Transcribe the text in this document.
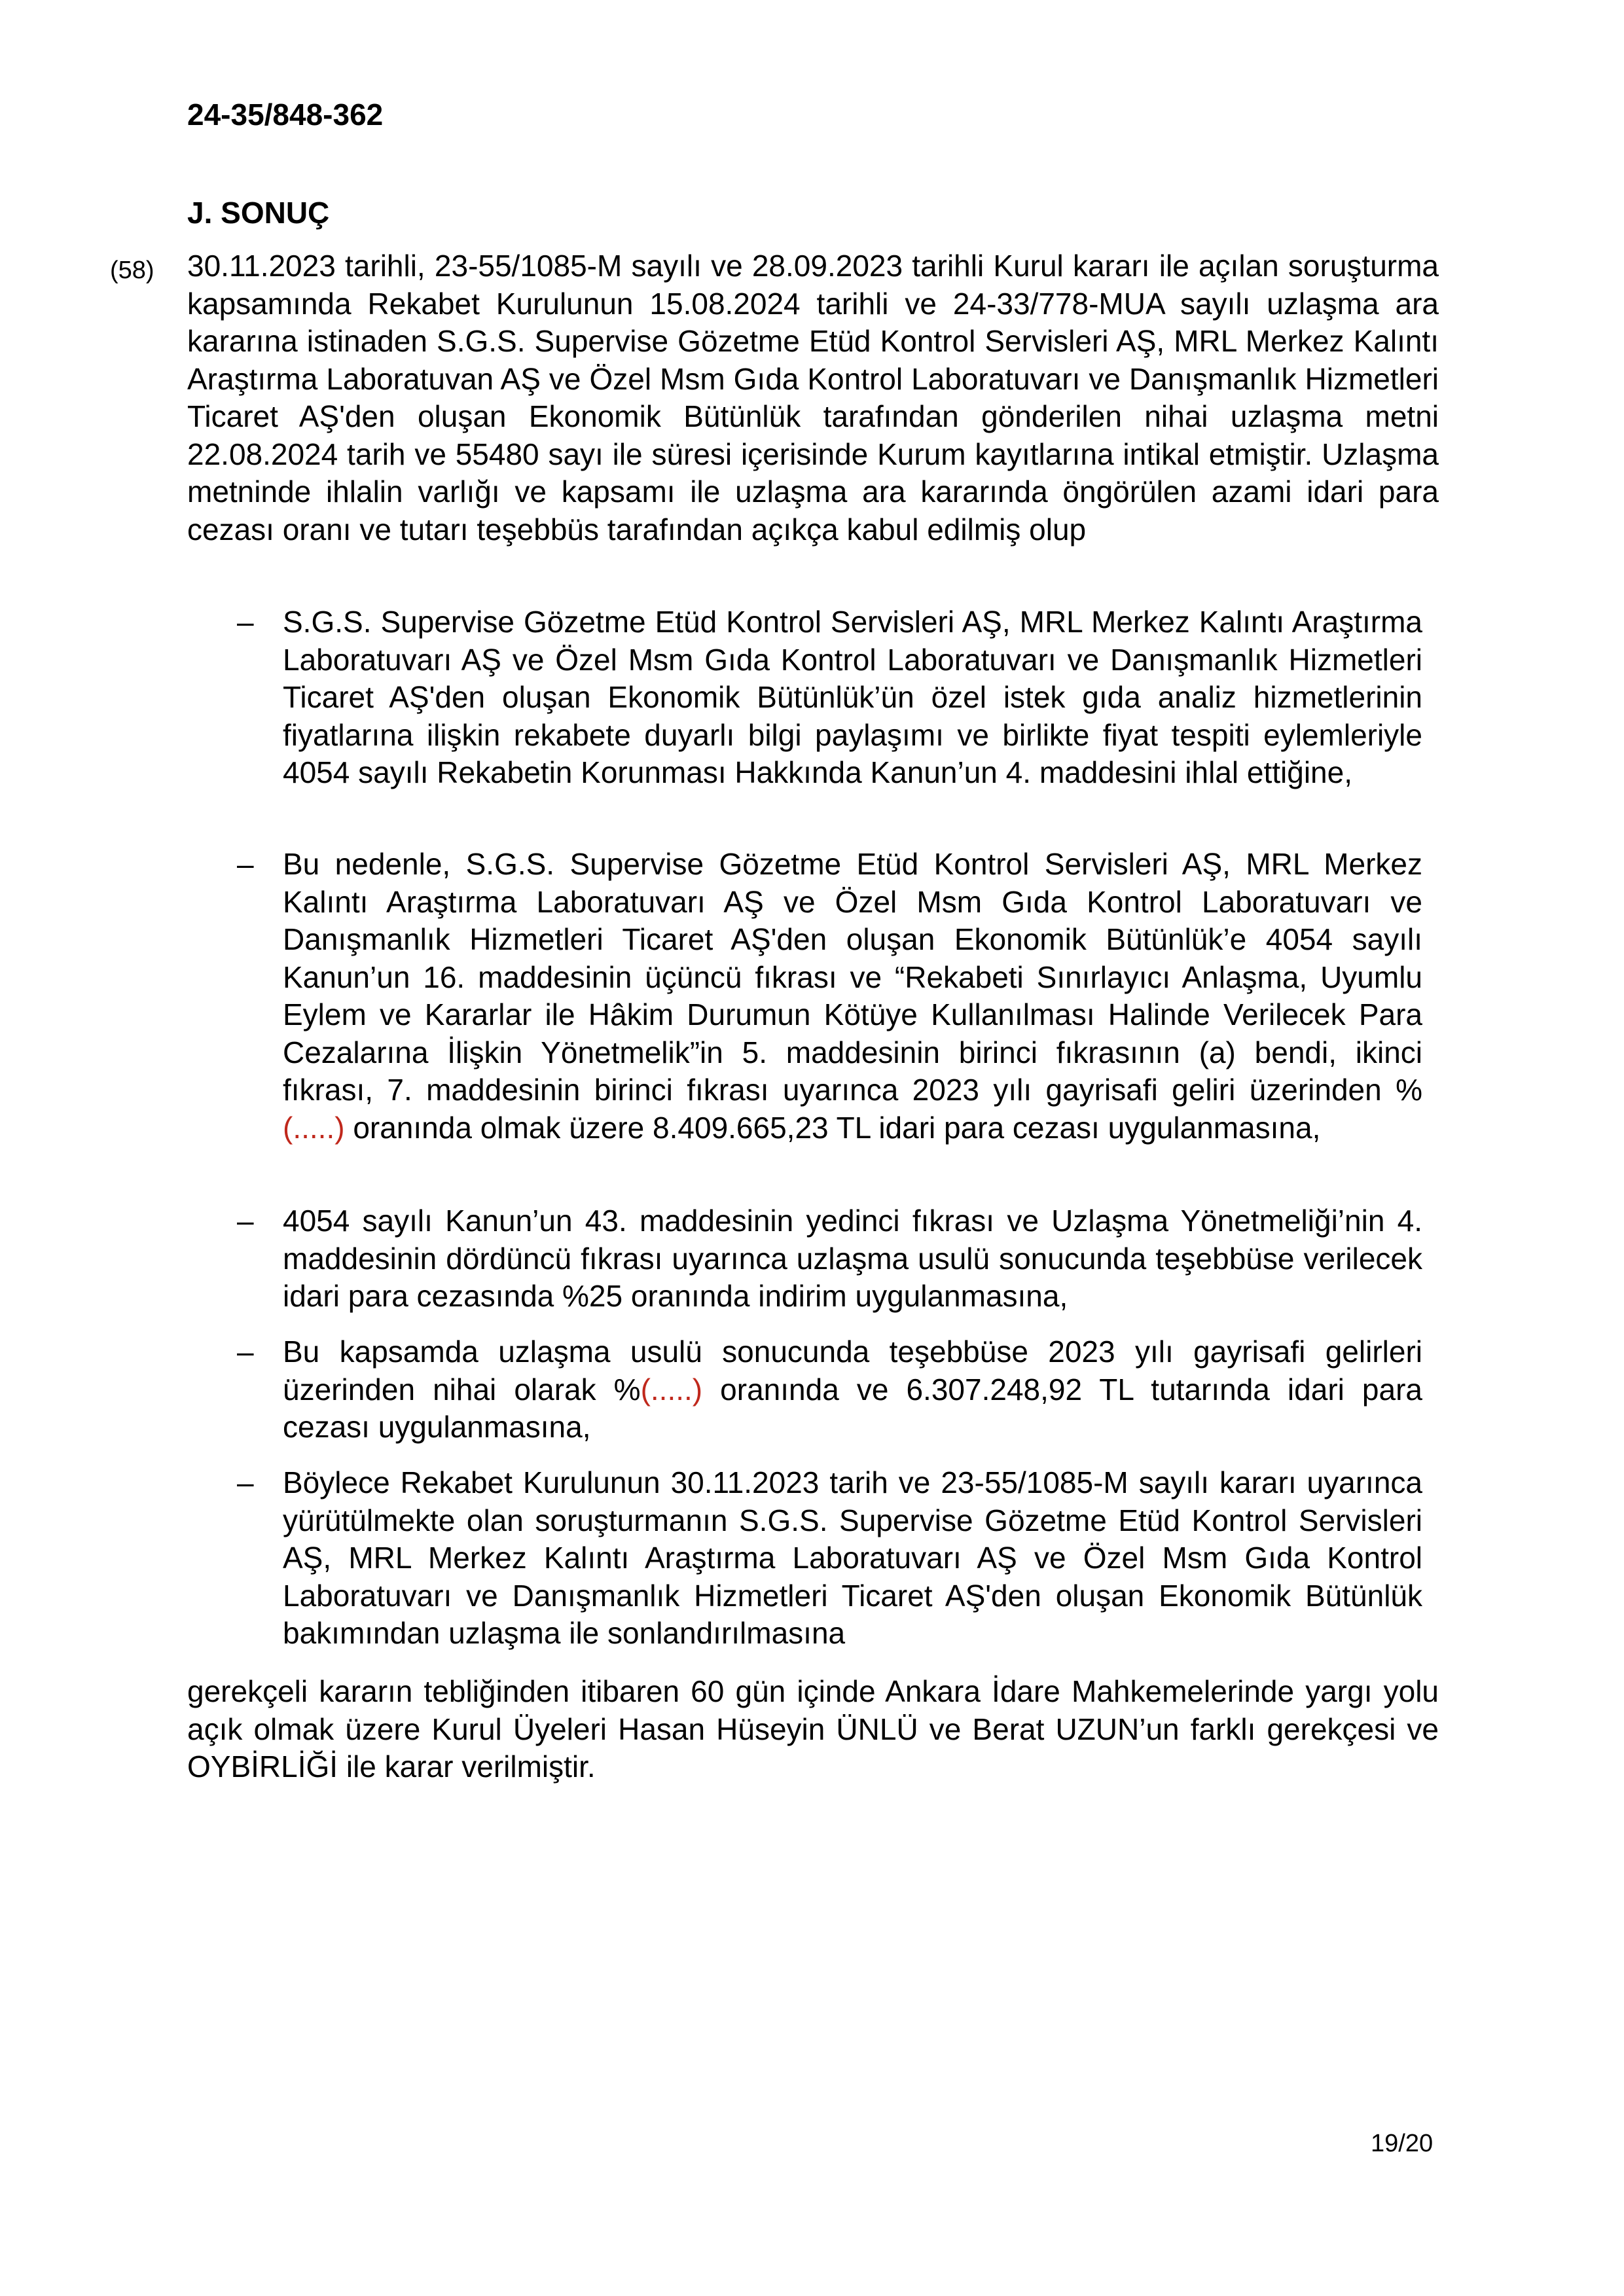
24-35/848-362
J. SONUÇ
(58) 30.11.2023 tarihli, 23-55/1085-M sayılı ve 28.09.2023 tarihli Kurul kararı ile açılan soruşturma kapsamında Rekabet Kurulunun 15.08.2024 tarihli ve 24-33/778-MUA sayılı uzlaşma ara kararına istinaden S.G.S. Supervise Gözetme Etüd Kontrol Servisleri AŞ, MRL Merkez Kalıntı Araştırma Laboratuvan AŞ ve Özel Msm Gıda Kontrol Laboratuvarı ve Danışmanlık Hizmetleri Ticaret AŞ'den oluşan Ekonomik Bütünlük tarafından gönderilen nihai uzlaşma metni 22.08.2024 tarih ve 55480 sayı ile süresi içerisinde Kurum kayıtlarına intikal etmiştir. Uzlaşma metninde ihlalin varlığı ve kapsamı ile uzlaşma ara kararında öngörülen azami idari para cezası oranı ve tutarı teşebbüs tarafından açıkça kabul edilmiş olup

– S.G.S. Supervise Gözetme Etüd Kontrol Servisleri AŞ, MRL Merkez Kalıntı Araştırma Laboratuvarı AŞ ve Özel Msm Gıda Kontrol Laboratuvarı ve Danışmanlık Hizmetleri Ticaret AŞ'den oluşan Ekonomik Bütünlük’ün özel istek gıda analiz hizmetlerinin fiyatlarına ilişkin rekabete duyarlı bilgi paylaşımı ve birlikte fiyat tespiti eylemleriyle 4054 sayılı Rekabetin Korunması Hakkında Kanun’un 4. maddesini ihlal ettiğine,
– Bu nedenle, S.G.S. Supervise Gözetme Etüd Kontrol Servisleri AŞ, MRL Merkez Kalıntı Araştırma Laboratuvarı AŞ ve Özel Msm Gıda Kontrol Laboratuvarı ve Danışmanlık Hizmetleri Ticaret AŞ'den oluşan Ekonomik Bütünlük’e 4054 sayılı Kanun’un 16. maddesinin üçüncü fıkrası ve “Rekabeti Sınırlayıcı Anlaşma, Uyumlu Eylem ve Kararlar ile Hâkim Durumun Kötüye Kullanılması Halinde Verilecek Para Cezalarına İlişkin Yönetmelik”in 5. maddesinin birinci fıkrasının (a) bendi, ikinci fıkrası, 7. maddesinin birinci fıkrası uyarınca 2023 yılı gayrisafi geliri üzerinden %(.....) oranında olmak üzere 8.409.665,23 TL idari para cezası uygulanmasına,
– 4054 sayılı Kanun’un 43. maddesinin yedinci fıkrası ve Uzlaşma Yönetmeliği’nin 4. maddesinin dördüncü fıkrası uyarınca uzlaşma usulü sonucunda teşebbüse verilecek idari para cezasında %25 oranında indirim uygulanmasına,
– Bu kapsamda uzlaşma usulü sonucunda teşebbüse 2023 yılı gayrisafi gelirleri üzerinden nihai olarak %(.....) oranında ve 6.307.248,92 TL tutarında idari para cezası uygulanmasına,
– Böylece Rekabet Kurulunun 30.11.2023 tarih ve 23-55/1085-M sayılı kararı uyarınca yürütülmekte olan soruşturmanın S.G.S. Supervise Gözetme Etüd Kontrol Servisleri AŞ, MRL Merkez Kalıntı Araştırma Laboratuvarı AŞ ve Özel Msm Gıda Kontrol Laboratuvarı ve Danışmanlık Hizmetleri Ticaret AŞ'den oluşan Ekonomik Bütünlük bakımından uzlaşma ile sonlandırılmasına

gerekçeli kararın tebliğinden itibaren 60 gün içinde Ankara İdare Mahkemelerinde yargı yolu açık olmak üzere Kurul Üyeleri Hasan Hüseyin ÜNLÜ ve Berat UZUN’un farklı gerekçesi ve OYBİRLİĞİ ile karar verilmiştir.

19/20
